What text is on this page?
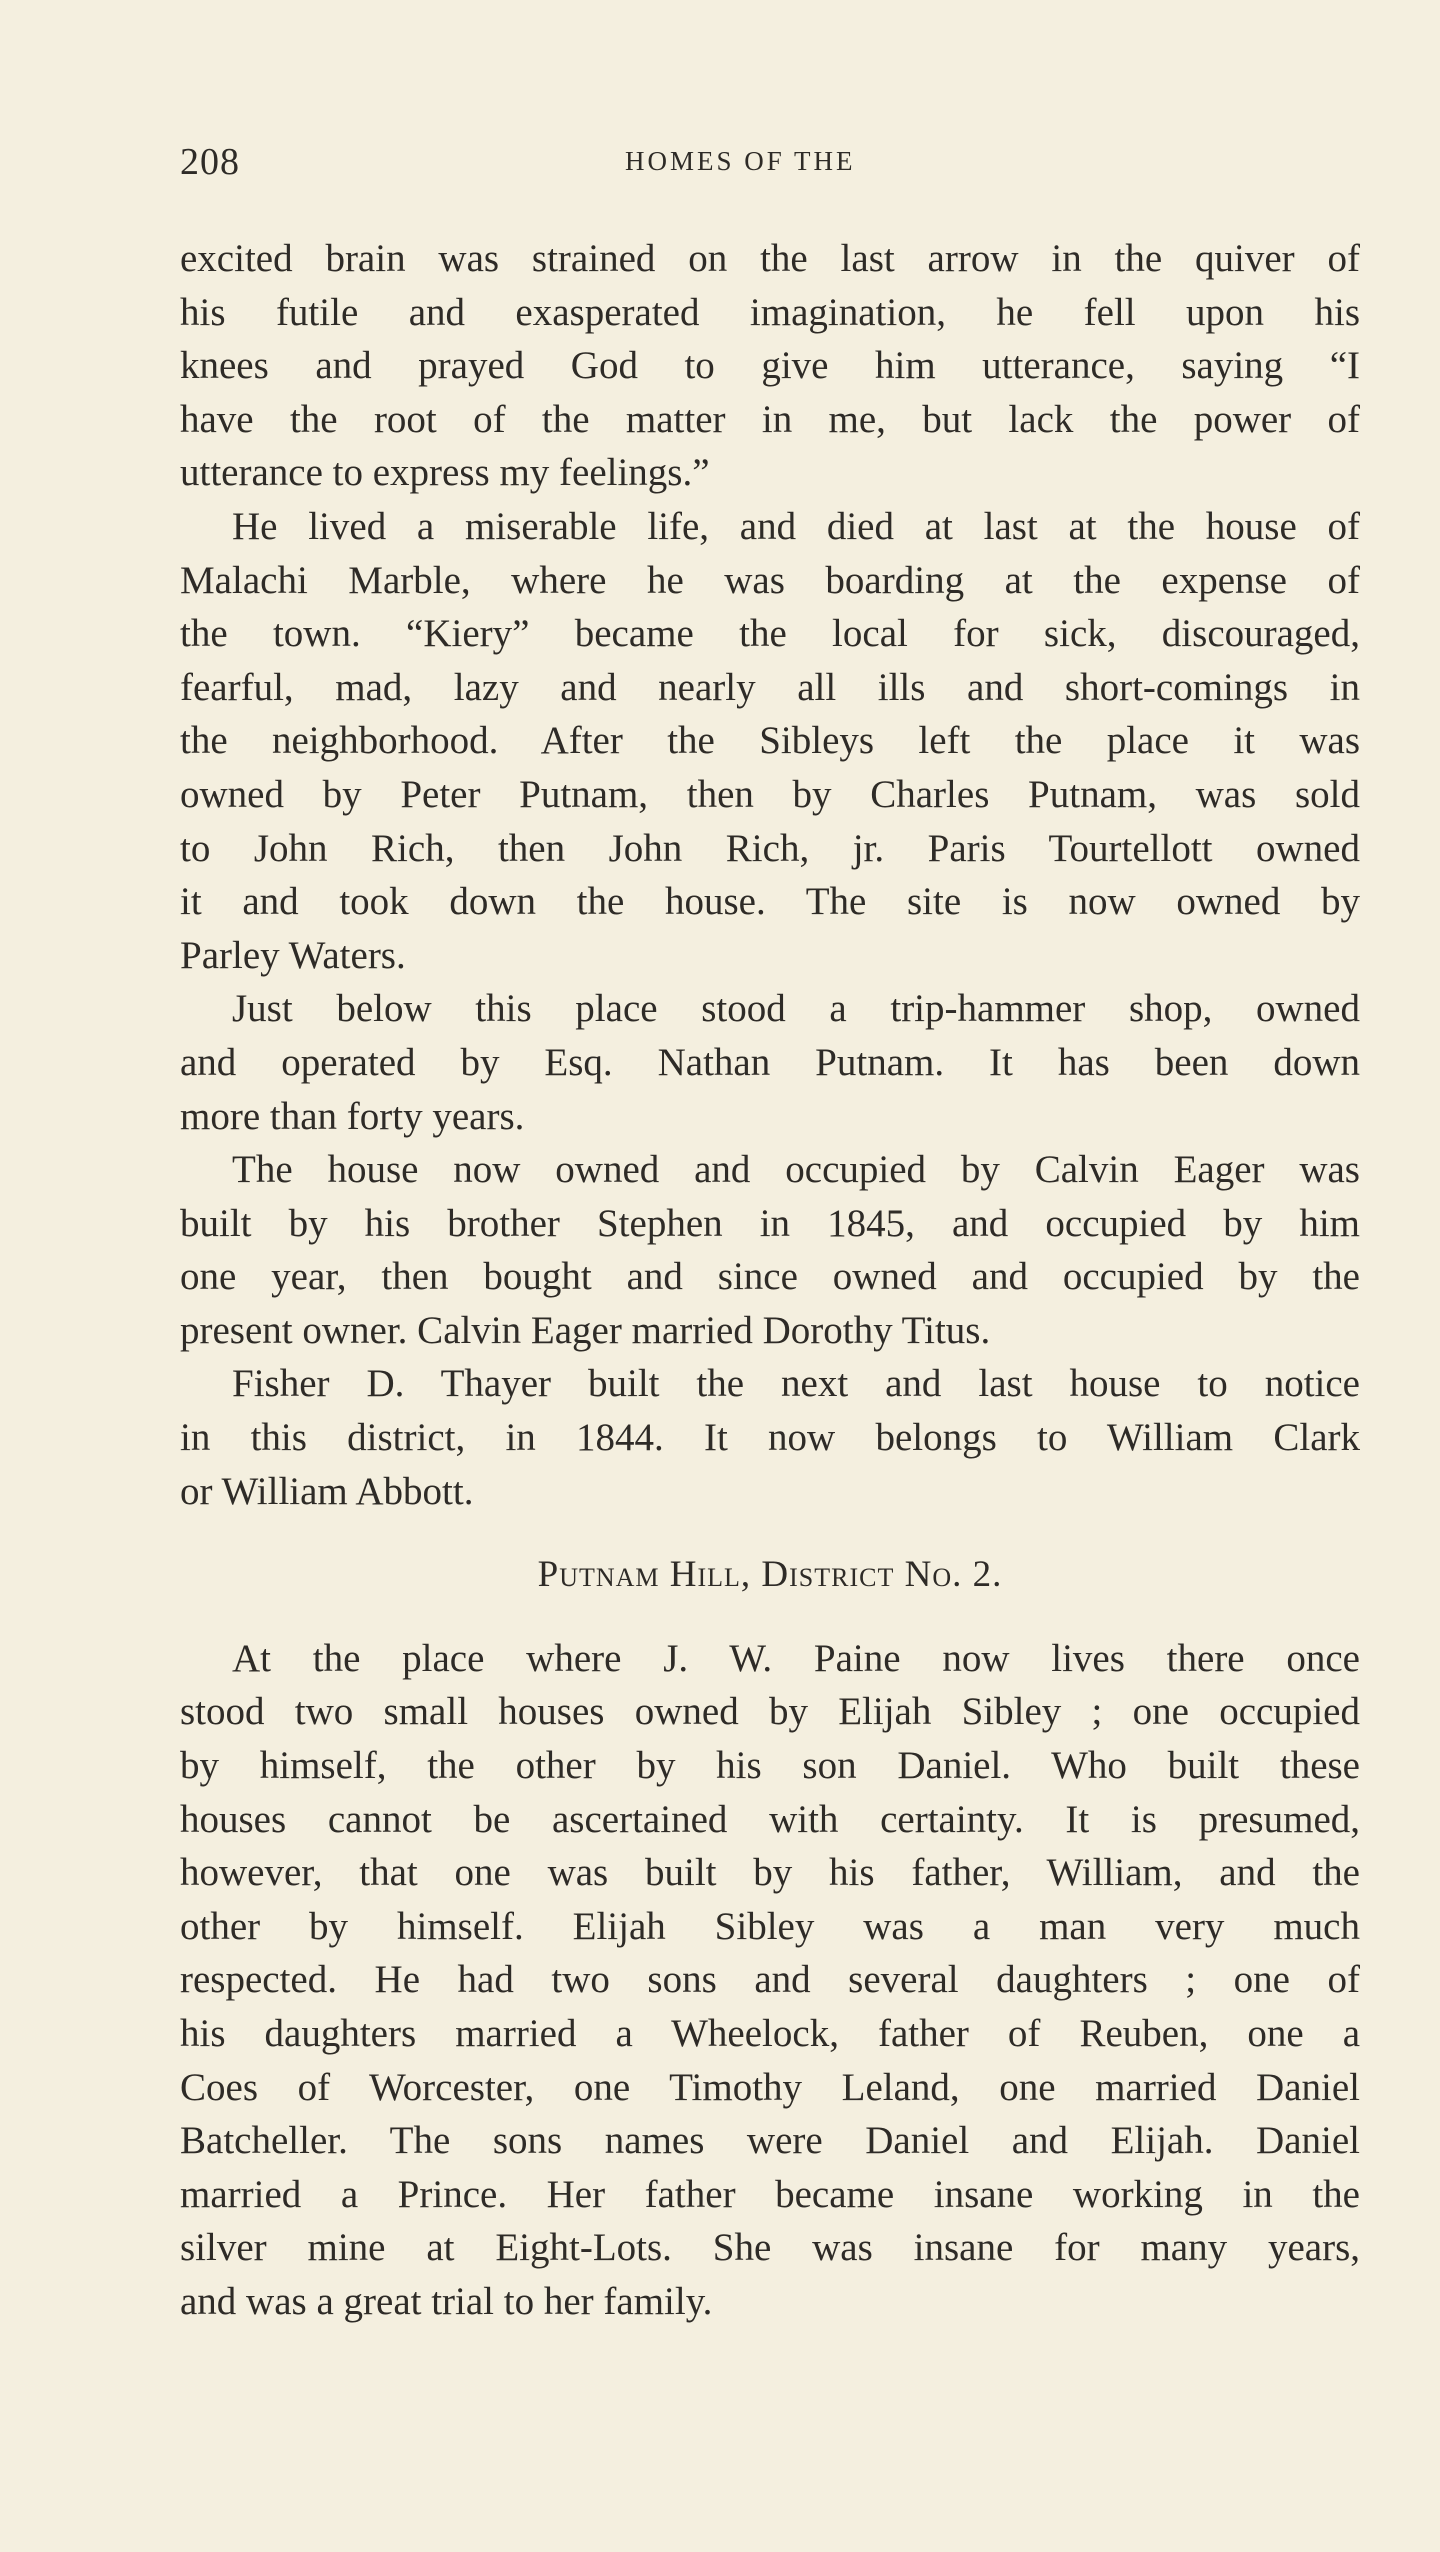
208	HOMES OF THE
excited brain was strained on the last arrow in the quiver of
his futile and exasperated imagination, he fell upon his
knees and prayed God to give him utterance, saying “I
have the root of the matter in me, but lack the power of
utterance to express my feelings.”
He lived a miserable life, and died at last at the house of
Malachi Marble, where he was boarding at the expense of
the town. “Kiery” became the local for sick, discouraged,
fearful, mad, lazy and nearly all ills and short-comings in
the neighborhood. After the Sibleys left the place it was
owned by Peter Putnam, then by Charles Putnam, was sold
to John Rich, then John Rich, jr. Paris Tourtellott owned
it and took down the house. The site is now owned by
Parley Waters.
Just below this place stood a trip-hammer shop, owned
and operated by Esq. Nathan Putnam. It has been down
more than forty years.
The house now owned and occupied by Calvin Eager was
built by his brother Stephen in 1845, and occupied by him
one year, then bought and since owned and occupied by the
present owner. Calvin Eager married Dorothy Titus.
Fisher D. Thayer built the next and last house to notice
in this district, in 1844. It now belongs to William Clark
or William Abbott.
Putnam Hill, District No. 2.
At the place where J. W. Paine now lives there once
stood two small houses owned by Elijah Sibley ; one occupied
by himself, the other by his son Daniel. Who built these
houses cannot be ascertained with certainty. It is presumed,
however, that one was built by his father, William, and the
other by himself. Elijah Sibley was a man very much
respected. He had two sons and several daughters ; one of
his daughters married a Wheelock, father of Reuben, one a
Coes of Worcester, one Timothy Leland, one married Daniel
Batcheller. The sons names were Daniel and Elijah. Daniel
married a Prince. Her father became insane working in the
silver mine at Eight-Lots. She was insane for many years,
and was a great trial to her family.
